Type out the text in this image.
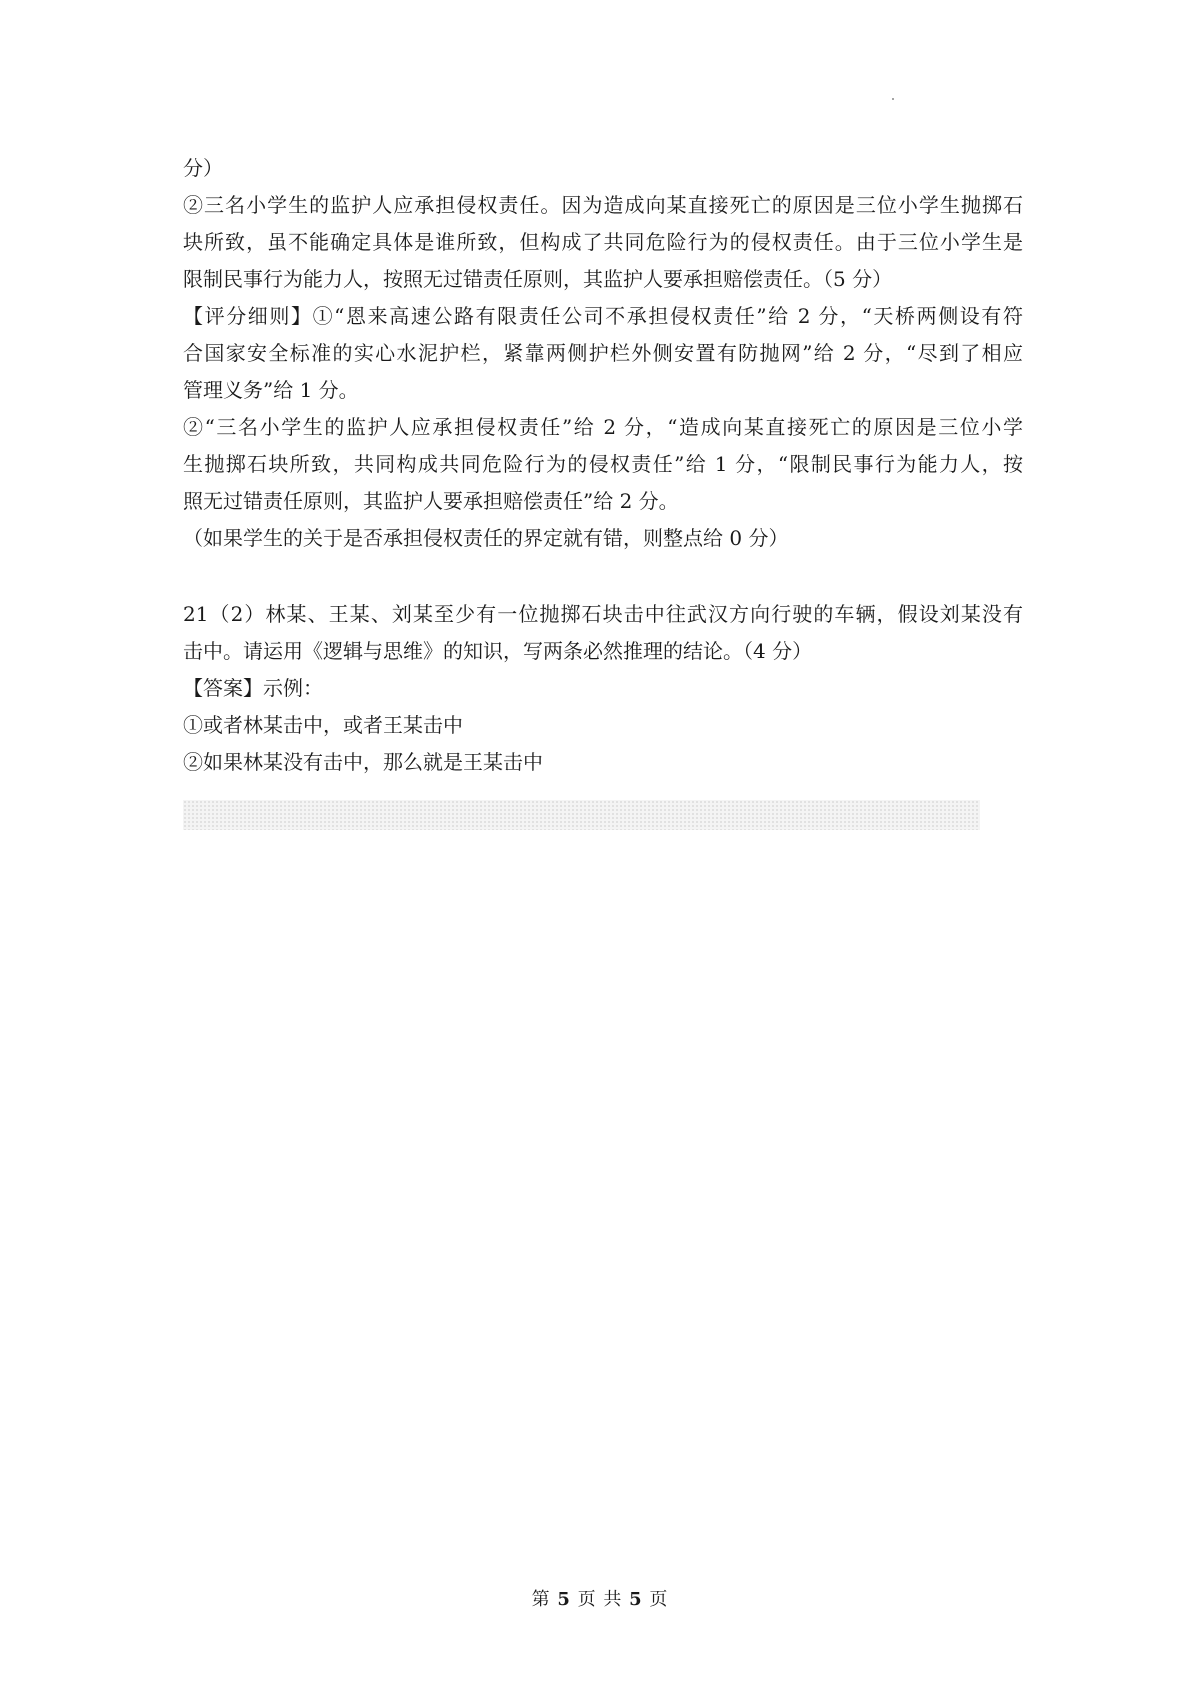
分）
②三名小学生的监护人应承担侵权责任。因为造成向某直接死亡的原因是三位小学生抛掷石
块所致，虽不能确定具体是谁所致，但构成了共同危险行为的侵权责任。由于三位小学生是
限制民事行为能力人，按照无过错责任原则，其监护人要承担赔偿责任。（5 分）
【评分细则】①“恩来高速公路有限责任公司不承担侵权责任”给 2 分，“天桥两侧设有符
合国家安全标准的实心水泥护栏，紧靠两侧护栏外侧安置有防抛网”给 2 分，“尽到了相应
管理义务”给 1 分。
②“三名小学生的监护人应承担侵权责任”给 2 分，“造成向某直接死亡的原因是三位小学
生抛掷石块所致，共同构成共同危险行为的侵权责任”给 1 分，“限制民事行为能力人，按
照无过错责任原则，其监护人要承担赔偿责任”给 2 分。
（如果学生的关于是否承担侵权责任的界定就有错，则整点给 0 分）
21（2）林某、王某、刘某至少有一位抛掷石块击中往武汉方向行驶的车辆，假设刘某没有
击中。请运用《逻辑与思维》的知识，写两条必然推理的结论。（4 分）
【答案】示例：
①或者林某击中，或者王某击中
②如果林某没有击中，那么就是王某击中
第 5 页 共 5 页
